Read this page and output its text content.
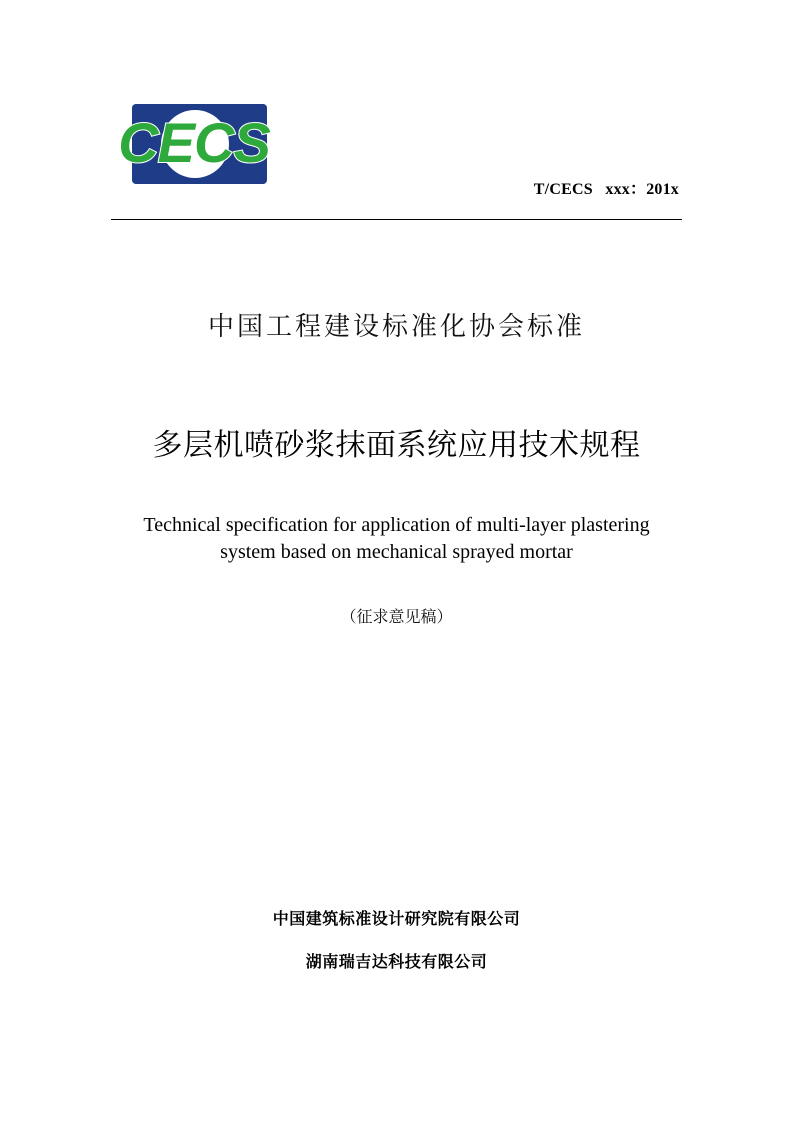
CECS
T/CECS   xxx：201x
中国工程建设标准化协会标准
多层机喷砂浆抹面系统应用技术规程
Technical specification for application of multi-layer plastering
system based on mechanical sprayed mortar
（征求意见稿）
中国建筑标准设计研究院有限公司
湖南瑞吉达科技有限公司
